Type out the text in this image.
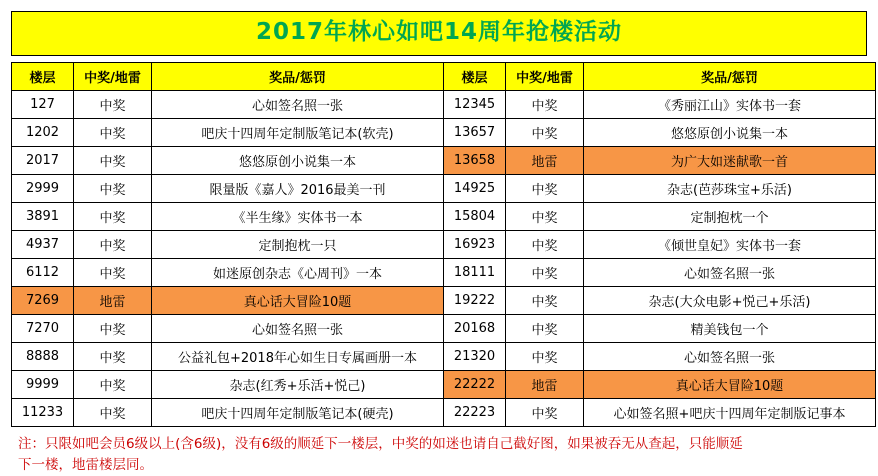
2017年林心如吧14周年抢楼活动
楼层	中奖/地雷	奖品/惩罚	楼层	中奖/地雷	奖品/惩罚
127	中奖	心如签名照一张	12345	中奖	《秀丽江山》实体书一套
1202	中奖	吧庆十四周年定制版笔记本(软壳)	13657	中奖	悠悠原创小说集一本
2017	中奖	悠悠原创小说集一本	13658	地雷	为广大如迷献歌一首
2999	中奖	限量版《嘉人》2016最美一刊	14925	中奖	杂志(芭莎珠宝+乐活)
3891	中奖	《半生缘》实体书一本	15804	中奖	定制抱枕一个
4937	中奖	定制抱枕一只	16923	中奖	《倾世皇妃》实体书一套
6112	中奖	如迷原创杂志《心周刊》一本	18111	中奖	心如签名照一张
7269	地雷	真心话大冒险10题	19222	中奖	杂志(大众电影+悦己+乐活)
7270	中奖	心如签名照一张	20168	中奖	精美钱包一个
8888	中奖	公益礼包+2018年心如生日专属画册一本	21320	中奖	心如签名照一张
9999	中奖	杂志(红秀+乐活+悦己)	22222	地雷	真心话大冒险10题
11233	中奖	吧庆十四周年定制版笔记本(硬壳)	22223	中奖	心如签名照+吧庆十四周年定制版记事本
注：只限如吧会员6级以上(含6级)，没有6级的顺延下一楼层，中奖的如迷也请自己截好图，如果被吞无从查起，只能顺延
下一楼，地雷楼层同。
